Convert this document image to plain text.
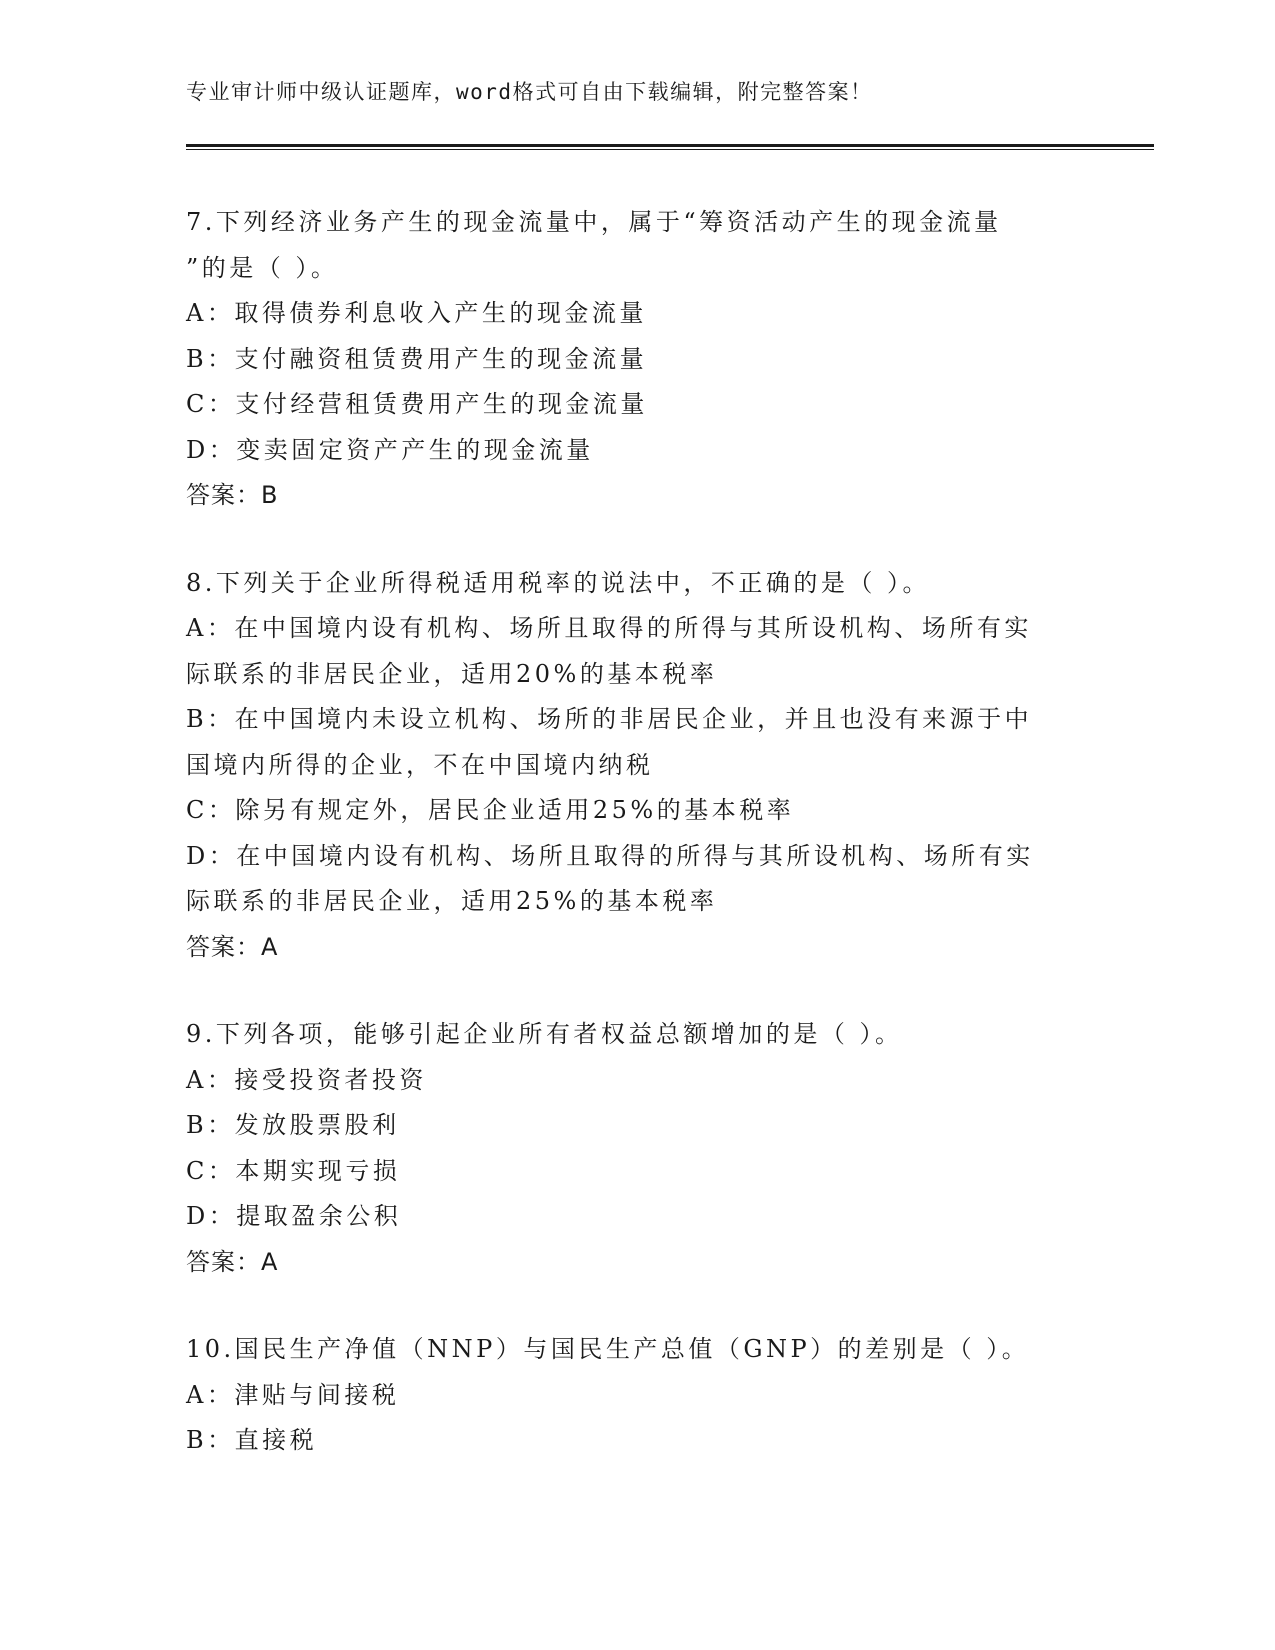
专业审计师中级认证题库，word格式可自由下载编辑，附完整答案！
7.下列经济业务产生的现金流量中，属于“筹资活动产生的现金流量
”的是（ ）。
A：取得债券利息收入产生的现金流量
B：支付融资租赁费用产生的现金流量
C：支付经营租赁费用产生的现金流量
D：变卖固定资产产生的现金流量
答案：B
8.下列关于企业所得税适用税率的说法中，不正确的是（ ）。
A：在中国境内设有机构、场所且取得的所得与其所设机构、场所有实
际联系的非居民企业，适用20%的基本税率
B：在中国境内未设立机构、场所的非居民企业，并且也没有来源于中
国境内所得的企业，不在中国境内纳税
C：除另有规定外，居民企业适用25%的基本税率
D：在中国境内设有机构、场所且取得的所得与其所设机构、场所有实
际联系的非居民企业，适用25%的基本税率
答案：A
9.下列各项，能够引起企业所有者权益总额增加的是（ ）。
A：接受投资者投资
B：发放股票股利
C：本期实现亏损
D：提取盈余公积
答案：A
10.国民生产净值（NNP）与国民生产总值（GNP）的差别是（ ）。
A：津贴与间接税
B：直接税
